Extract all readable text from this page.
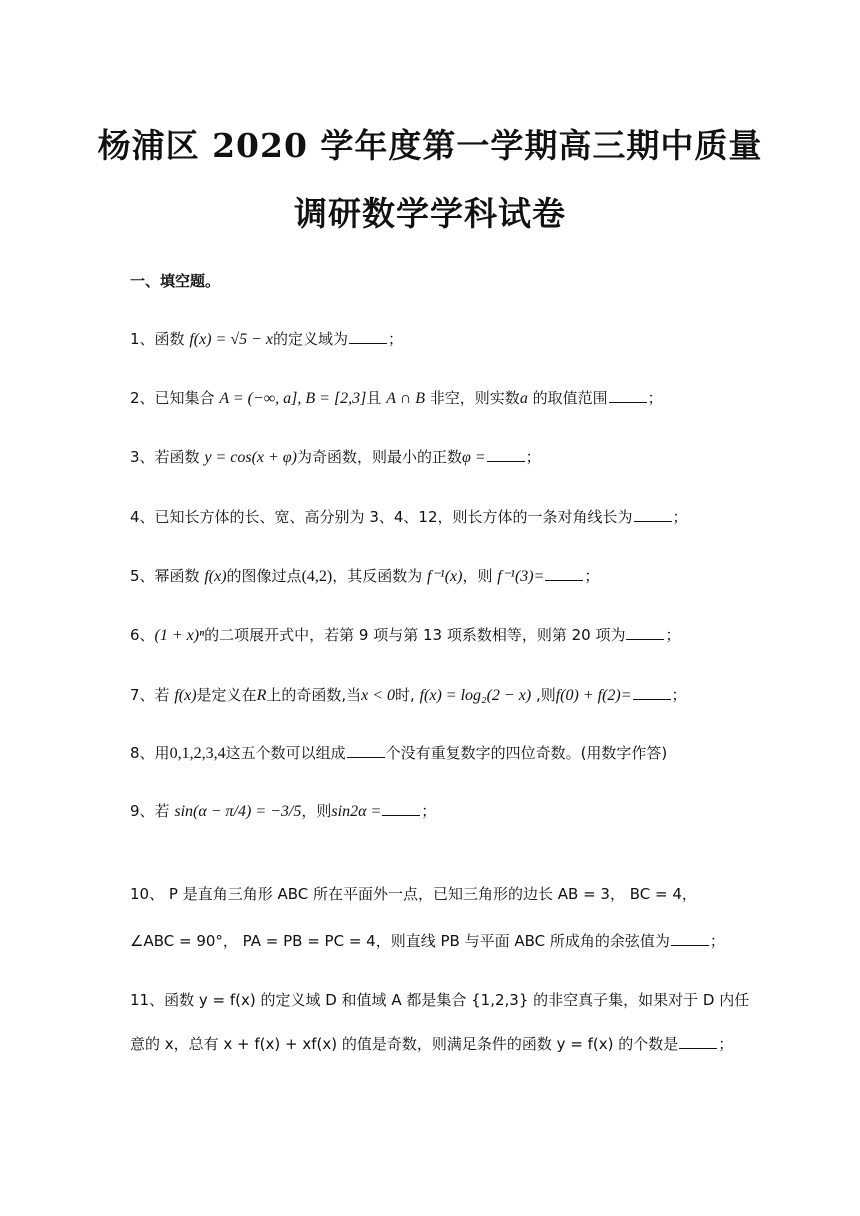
杨浦区 2020 学年度第一学期高三期中质量
调研数学学科试卷
一、填空题。
1、函数 f(x) = √5 − x的定义域为	；
2、已知集合 A = (−∞, a], B = [2,3]且 A ∩ B 非空，则实数a 的取值范围	；
3、若函数 y = cos(x + φ)为奇函数，则最小的正数φ =	；
4、已知长方体的长、宽、高分别为 3、4、12，则长方体的一条对角线长为	；
5、幂函数 f(x)的图像过点(4,2)，其反函数为 f⁻¹(x)，则 f⁻¹(3)=	；
6、(1 + x)ⁿ的二项展开式中，若第 9 项与第 13 项系数相等，则第 20 项为	；
7、若 f(x)是定义在R上的奇函数,当x < 0时, f(x) = log₂(2 − x) ,则f(0) + f(2)=	；
8、用0,1,2,3,4这五个数可以组成	个没有重复数字的四位奇数。(用数字作答)
9、若 sin(α − π/4) = −3/5，则sin2α =	；
10、 P 是直角三角形 ABC 所在平面外一点，已知三角形的边长 AB = 3， BC = 4，
∠ABC = 90°， PA = PB = PC = 4，则直线 PB 与平面 ABC 所成角的余弦值为	；
11、函数 y = f(x) 的定义域 D 和值域 A 都是集合 {1,2,3} 的非空真子集，如果对于 D 内任
意的 x，总有 x + f(x) + xf(x) 的值是奇数，则满足条件的函数 y = f(x) 的个数是	；
